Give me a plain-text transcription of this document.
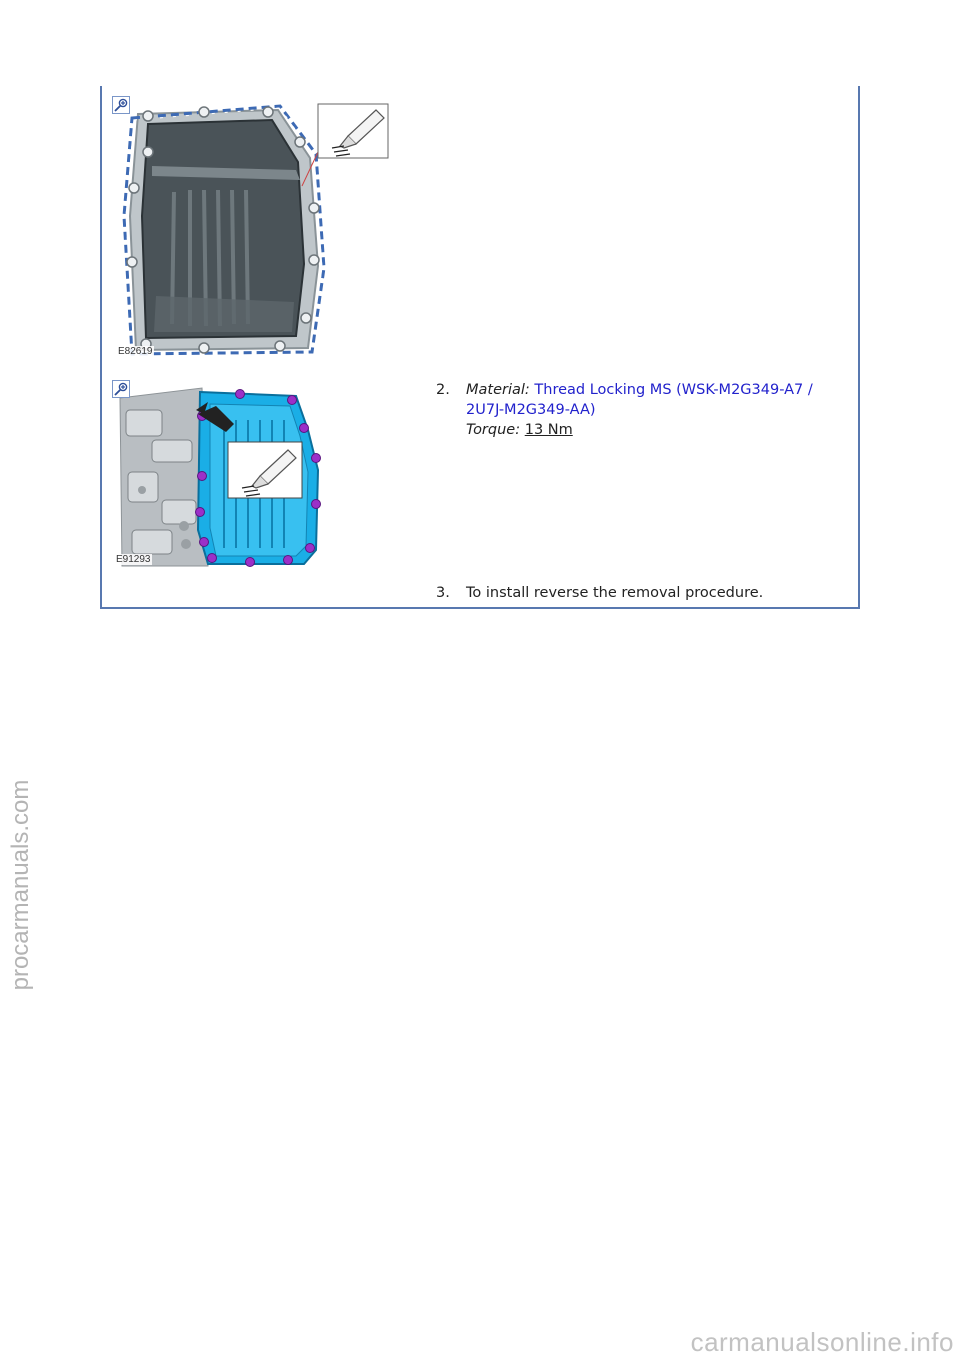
E82619
E91293
2. Material: Thread Locking MS (WSK-M2G349-A7 /
2U7J-M2G349-AA)
Torque: 13 Nm
3. To install reverse the removal procedure.
procarmanuals.com
carmanualsonline.info
